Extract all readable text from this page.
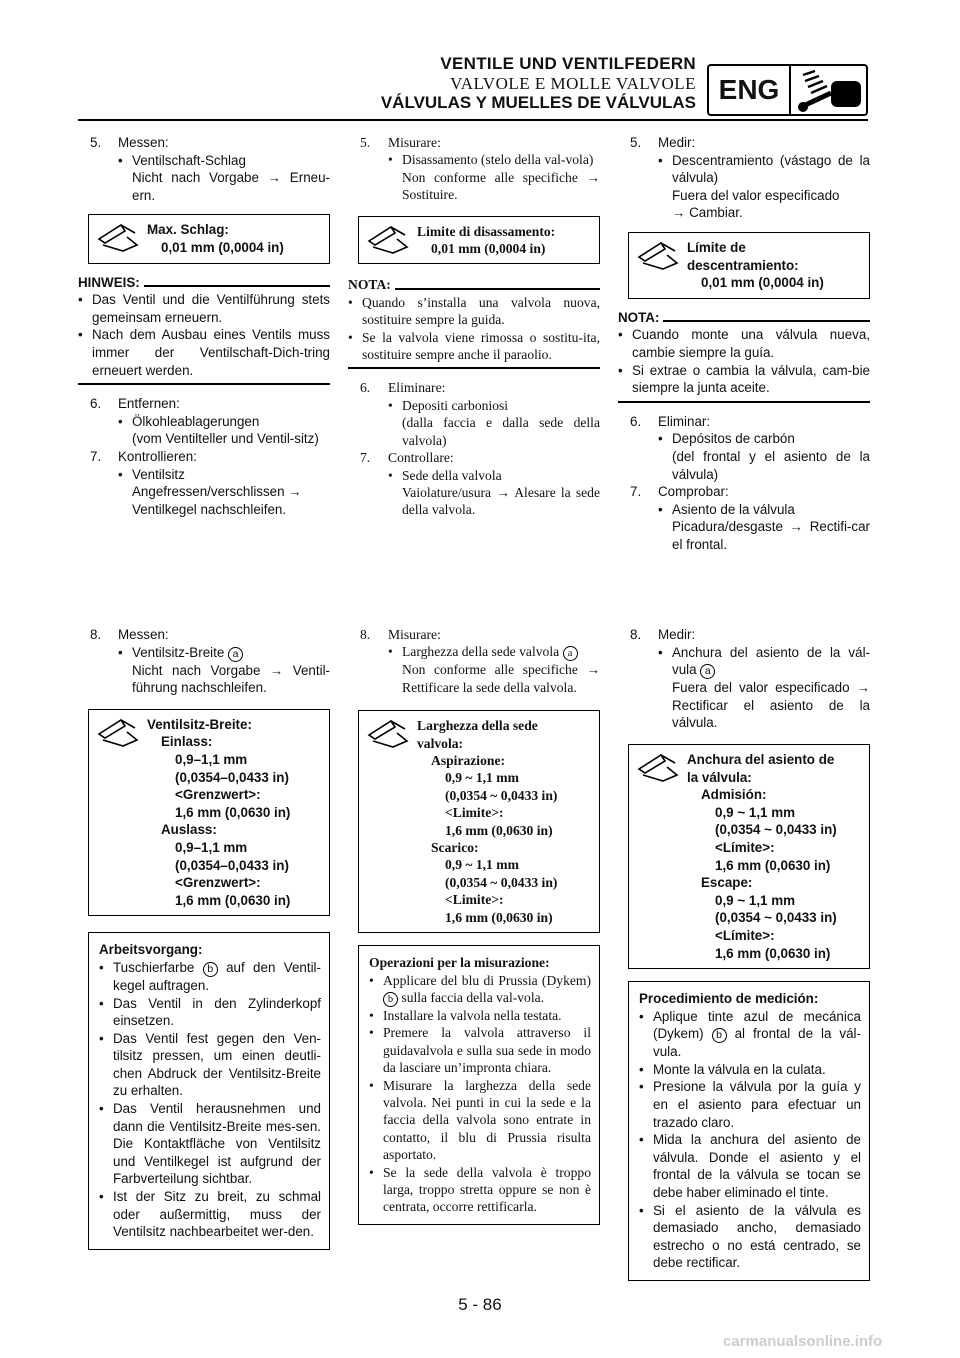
VENTILE UND VENTILFEDERN
VALVOLE E MOLLE VALVOLE
VÁLVULAS Y MUELLES DE VÁLVULAS ENG
5. Messen:
• Ventilschaft-Schlag
Nicht nach Vorgabe → Erneu-ern.
Max. Schlag:
0,01 mm (0,0004 in)
HINWEIS:
• Das Ventil und die Ventilführung stets gemeinsam erneuern.
• Nach dem Ausbau eines Ventils muss immer der Ventilschaft-Dich-tring erneuert werden.
6. Entfernen:
• Ölkohleablagerungen
(vom Ventilteller und Ventil-sitz)
7. Kontrollieren:
• Ventilsitz
Angefressen/verschlissen →
Ventilkegel nachschleifen.
5. Misurare:
• Disassamento (stelo della val-vola)
Non conforme alle specifiche → Sostituire.
Limite di disassamento:
0,01 mm (0,0004 in)
NOTA:
• Quando s’installa una valvola nuova, sostituire sempre la guida.
• Se la valvola viene rimossa o sostitu-ita, sostituire sempre anche il paraolio.
6. Eliminare:
• Depositi carboniosi
(dalla faccia e dalla sede della valvola)
7. Controllare:
• Sede della valvola
Vaiolature/usura → Alesare la sede della valvola.
5. Medir:
• Descentramiento (vástago de la válvula)
Fuera del valor especificado
→ Cambiar.
Límite de
descentramiento:
0,01 mm (0,0004 in)
NOTA:
• Cuando monte una válvula nueva, cambie siempre la guía.
• Si extrae o cambia la válvula, cam-bie siempre la junta aceite.
6. Eliminar:
• Depósitos de carbón
(del frontal y el asiento de la válvula)
7. Comprobar:
• Asiento de la válvula
Picadura/desgaste → Rectifi-car el frontal.
8. Messen:
• Ventilsitz-Breite a
Nicht nach Vorgabe → Ventil-führung nachschleifen.
Ventilsitz-Breite:
Einlass:
0,9–1,1 mm
(0,0354–0,0433 in)
<Grenzwert>:
1,6 mm (0,0630 in)
Auslass:
0,9–1,1 mm
(0,0354–0,0433 in)
<Grenzwert>:
1,6 mm (0,0630 in)
Arbeitsvorgang:
• Tuschierfarbe b auf den Ventil-kegel auftragen.
• Das Ventil in den Zylinderkopf einsetzen.
• Das Ventil fest gegen den Ven-tilsitz pressen, um einen deutli-chen Abdruck der Ventilsitz-Breite zu erhalten.
• Das Ventil herausnehmen und dann die Ventilsitz-Breite mes-sen. Die Kontaktfläche von Ventilsitz und Ventilkegel ist aufgrund der Farbverteilung sichtbar.
• Ist der Sitz zu breit, zu schmal oder außermittig, muss der Ventilsitz nachbearbeitet wer-den.
8. Misurare:
• Larghezza della sede valvola a
Non conforme alle specifiche → Rettificare la sede della valvola.
Larghezza della sede
valvola:
Aspirazione:
0,9 ~ 1,1 mm
(0,0354 ~ 0,0433 in)
<Limite>:
1,6 mm (0,0630 in)
Scarico:
0,9 ~ 1,1 mm
(0,0354 ~ 0,0433 in)
<Limite>:
1,6 mm (0,0630 in)
Operazioni per la misurazione:
• Applicare del blu di Prussia (Dykem) b sulla faccia della val-vola.
• Installare la valvola nella testata.
• Premere la valvola attraverso il guidavalvola e sulla sua sede in modo da lasciare un’impronta chiara.
• Misurare la larghezza della sede valvola. Nei punti in cui la sede e la faccia della valvola sono entrate in contatto, il blu di Prussia risulta asportato.
• Se la sede della valvola è troppo larga, troppo stretta oppure se non è centrata, occorre rettificarla.
8. Medir:
• Anchura del asiento de la vál-vula a
Fuera del valor especificado → Rectificar el asiento de la válvula.
Anchura del asiento de
la válvula:
Admisión:
0,9 ~ 1,1 mm
(0,0354 ~ 0,0433 in)
<Límite>:
1,6 mm (0,0630 in)
Escape:
0,9 ~ 1,1 mm
(0,0354 ~ 0,0433 in)
<Límite>:
1,6 mm (0,0630 in)
Procedimiento de medición:
• Aplique tinte azul de mecánica (Dykem) b al frontal de la vál-vula.
• Monte la válvula en la culata.
• Presione la válvula por la guía y en el asiento para efectuar un trazado claro.
• Mida la anchura del asiento de válvula. Donde el asiento y el frontal de la válvula se tocan se debe haber eliminado el tinte.
• Si el asiento de la válvula es demasiado ancho, demasiado estrecho o no está centrado, se debe rectificar.
5 - 86
carmanualsonline.info
